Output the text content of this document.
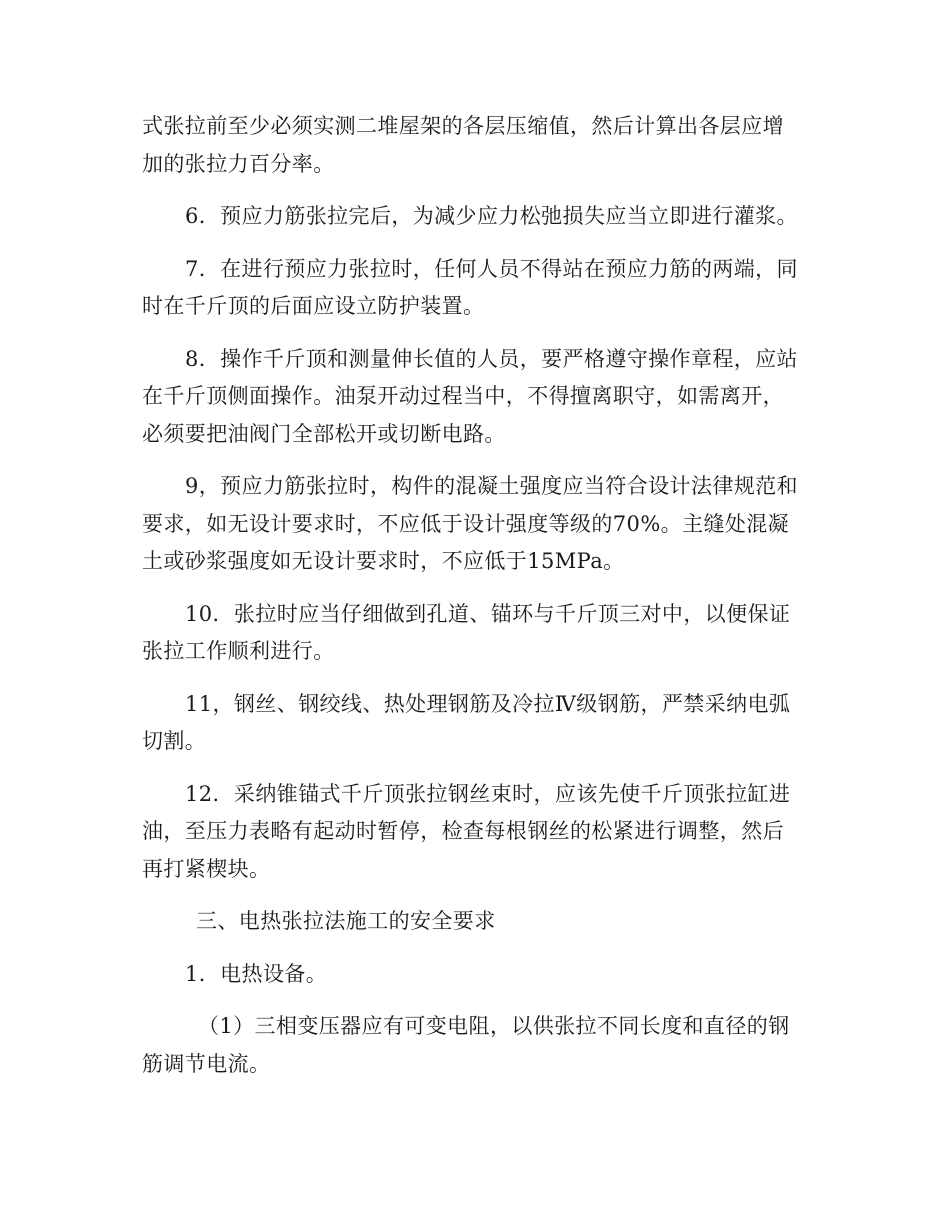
式张拉前至少必须实测二堆屋架的各层压缩值，然后计算出各层应增
加的张拉力百分率。
6．预应力筋张拉完后，为减少应力松弛损失应当立即进行灌浆。
7．在进行预应力张拉时，任何人员不得站在预应力筋的两端，同
时在千斤顶的后面应设立防护装置。
8．操作千斤顶和测量伸长值的人员，要严格遵守操作章程，应站
在千斤顶侧面操作。油泵开动过程当中，不得擅离职守，如需离开，
必须要把油阀门全部松开或切断电路。
9，预应力筋张拉时，构件的混凝土强度应当符合设计法律规范和
要求，如无设计要求时，不应低于设计强度等级的70%。主缝处混凝
土或砂浆强度如无设计要求时，不应低于15MPa。
10．张拉时应当仔细做到孔道、锚环与千斤顶三对中，以便保证
张拉工作顺利进行。
11，钢丝、钢绞线、热处理钢筋及冷拉Ⅳ级钢筋，严禁采纳电弧
切割。
12．采纳锥锚式千斤顶张拉钢丝束时，应该先使千斤顶张拉缸进
油，至压力表略有起动时暂停，检查每根钢丝的松紧进行调整，然后
再打紧楔块。
三、电热张拉法施工的安全要求
1．电热设备。
（1）三相变压器应有可变电阻，以供张拉不同长度和直径的钢
筋调节电流。
